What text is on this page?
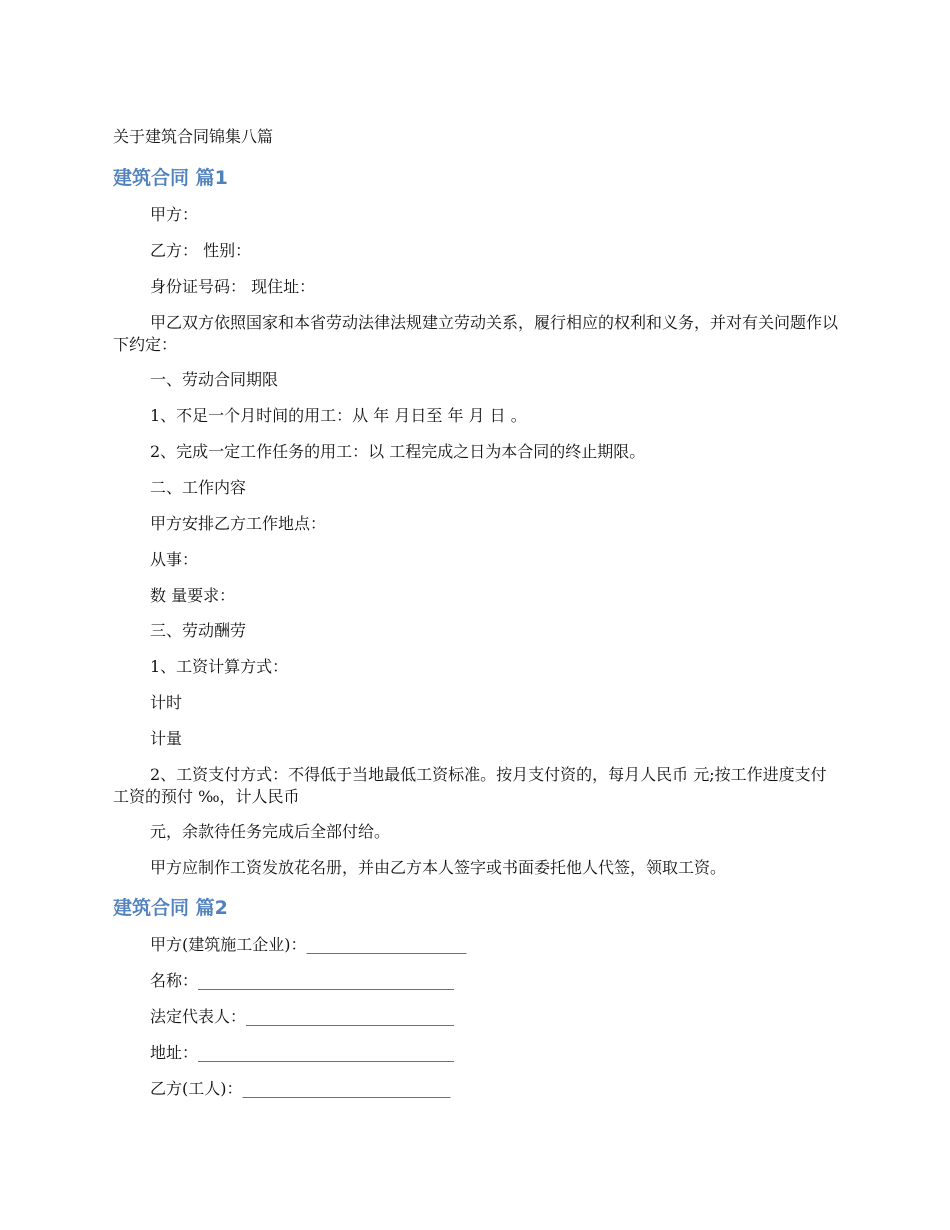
关于建筑合同锦集八篇
建筑合同 篇1
甲方：
乙方： 性别：
身份证号码： 现住址：
甲乙双方依照国家和本省劳动法律法规建立劳动关系，履行相应的权利和义务，并对有关问题作以下约定：
一、劳动合同期限
1、不足一个月时间的用工：从 年 月日至 年 月 日 。
2、完成一定工作任务的用工：以 工程完成之日为本合同的终止期限。
二、工作内容
甲方安排乙方工作地点：
从事：
数 量要求：
三、劳动酬劳
1、工资计算方式：
计时
计量
2、工资支付方式：不得低于当地最低工资标准。按月支付资的，每月人民币 元;按工作进度支付工资的预付 ‰，计人民币
元，余款待任务完成后全部付给。
甲方应制作工资发放花名册，并由乙方本人签字或书面委托他人代签，领取工资。
建筑合同 篇2
甲方(建筑施工企业)：____________________
名称：________________________________
法定代表人：__________________________
地址：________________________________
乙方(工人)：__________________________
